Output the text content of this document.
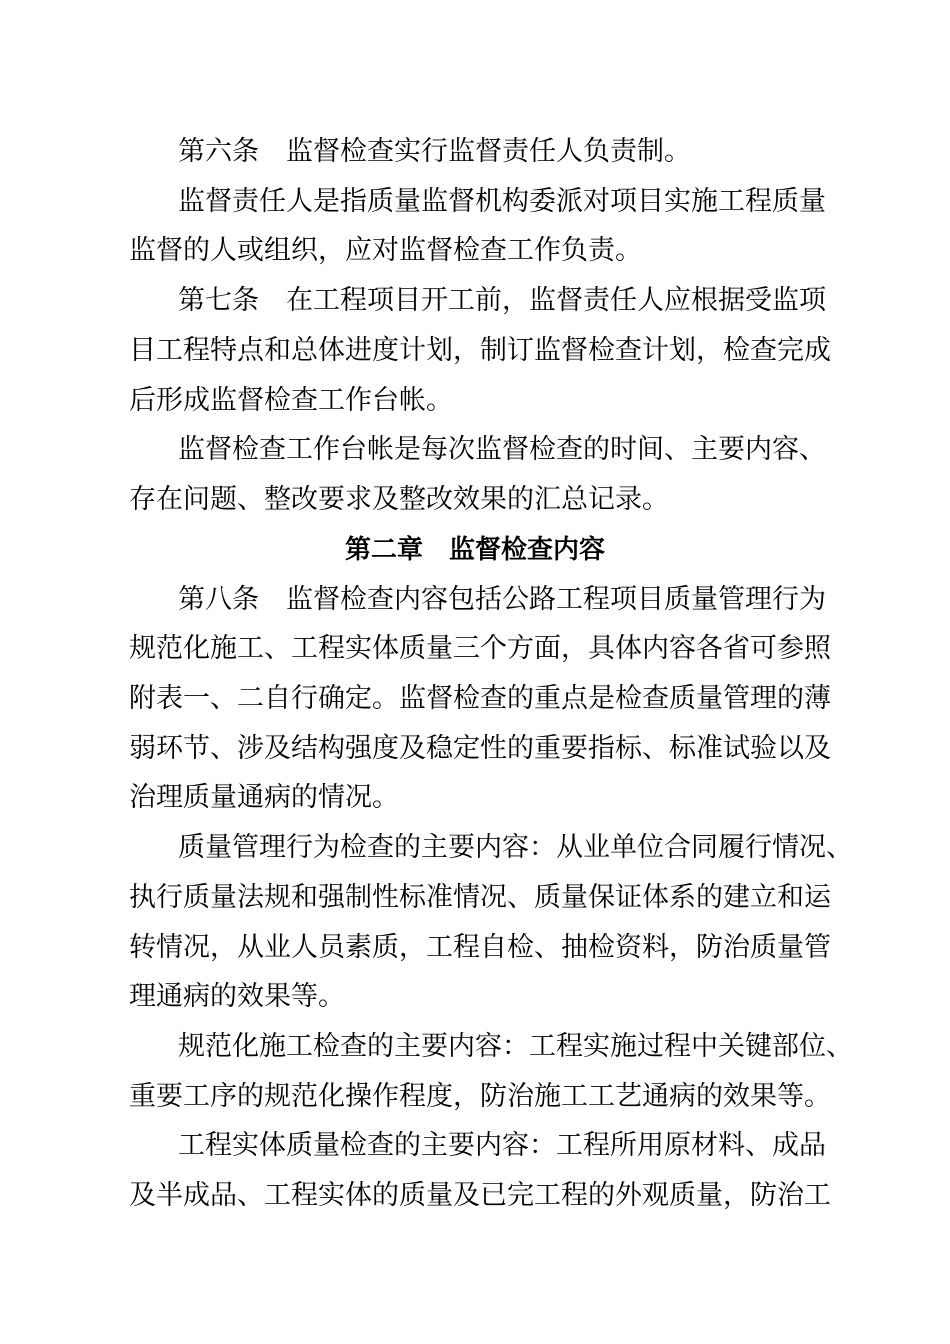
第六条　监督检查实行监督责任人负责制。
监督责任人是指质量监督机构委派对项目实施工程质量
监督的人或组织，应对监督检查工作负责。
第七条　在工程项目开工前，监督责任人应根据受监项
目工程特点和总体进度计划，制订监督检查计划，检查完成
后形成监督检查工作台帐。
监督检查工作台帐是每次监督检查的时间、主要内容、
存在问题、整改要求及整改效果的汇总记录。
第二章　监督检查内容
第八条　监督检查内容包括公路工程项目质量管理行为
规范化施工、工程实体质量三个方面，具体内容各省可参照
附表一、二自行确定。监督检查的重点是检查质量管理的薄
弱环节、涉及结构强度及稳定性的重要指标、标准试验以及
治理质量通病的情况。
质量管理行为检查的主要内容：从业单位合同履行情况、
执行质量法规和强制性标准情况、质量保证体系的建立和运
转情况，从业人员素质，工程自检、抽检资料，防治质量管
理通病的效果等。
规范化施工检查的主要内容：工程实施过程中关键部位、
重要工序的规范化操作程度，防治施工工艺通病的效果等。
工程实体质量检查的主要内容：工程所用原材料、成品
及半成品、工程实体的质量及已完工程的外观质量，防治工
